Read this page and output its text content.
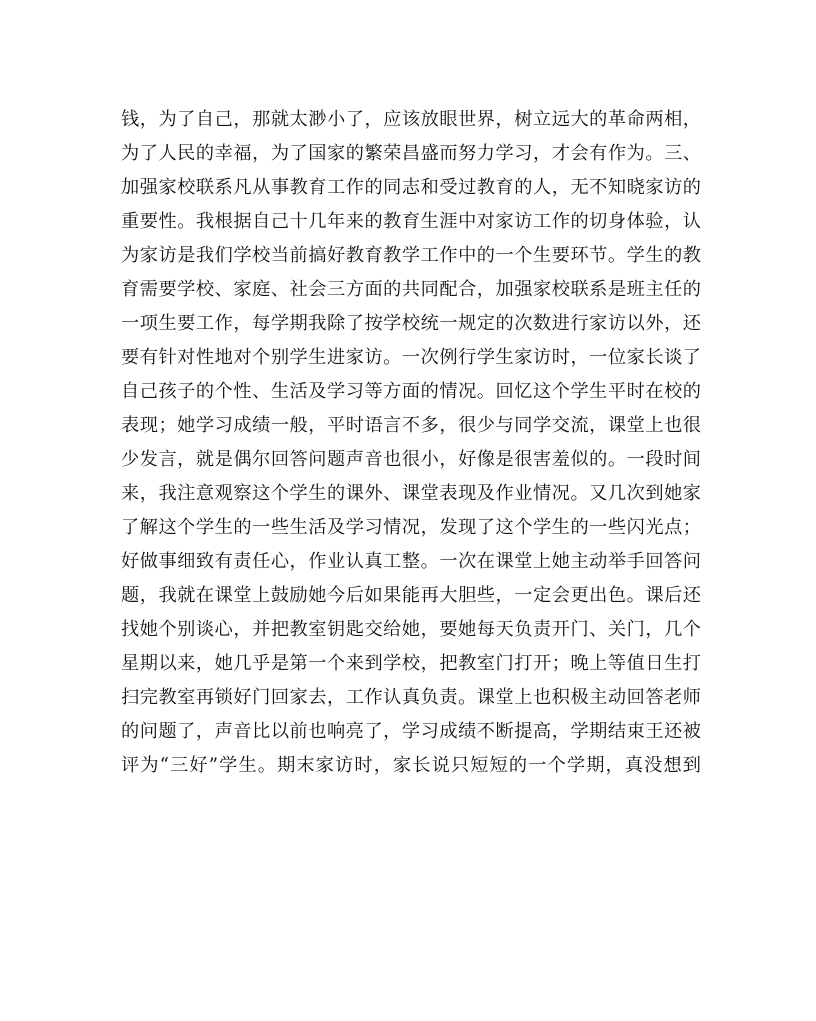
钱，为了自己，那就太渺小了，应该放眼世界，树立远大的革命两相，
为了人民的幸福，为了国家的繁荣昌盛而努力学习，才会有作为。三、
加强家校联系凡从事教育工作的同志和受过教育的人，无不知晓家访的
重要性。我根据自己十几年来的教育生涯中对家访工作的切身体验，认
为家访是我们学校当前搞好教育教学工作中的一个生要环节。学生的教
育需要学校、家庭、社会三方面的共同配合，加强家校联系是班主任的
一项生要工作，每学期我除了按学校统一规定的次数进行家访以外，还
要有针对性地对个别学生进家访。一次例行学生家访时，一位家长谈了
自己孩子的个性、生活及学习等方面的情况。回忆这个学生平时在校的
表现；她学习成绩一般，平时语言不多，很少与同学交流，课堂上也很
少发言，就是偶尔回答问题声音也很小，好像是很害羞似的。一段时间
来，我注意观察这个学生的课外、课堂表现及作业情况。又几次到她家
了解这个学生的一些生活及学习情况，发现了这个学生的一些闪光点；
好做事细致有责任心，作业认真工整。一次在课堂上她主动举手回答问
题，我就在课堂上鼓励她今后如果能再大胆些，一定会更出色。课后还
找她个别谈心，并把教室钥匙交给她，要她每天负责开门、关门，几个
星期以来，她几乎是第一个来到学校，把教室门打开；晚上等值日生打
扫完教室再锁好门回家去，工作认真负责。课堂上也积极主动回答老师
的问题了，声音比以前也响亮了，学习成绩不断提高，学期结束王还被
评为“三好”学生。期末家访时，家长说只短短的一个学期，真没想到
